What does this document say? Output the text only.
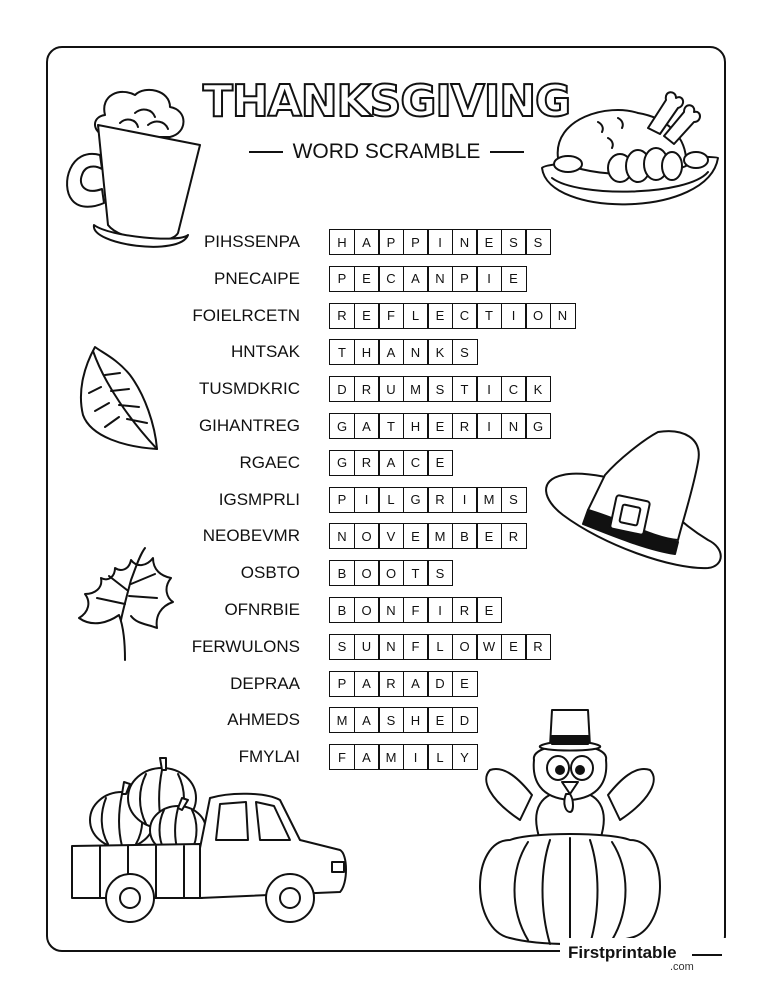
THANKSGIVING
WORD SCRAMBLE
PIHSSENPA	H	A	P	P	I	N	E	S	S
PNECAIPE	P	E	C	A	N	P	I	E
FOIELRCETN	R	E	F	L	E	C	T	I	O	N
HNTSAK	T	H	A	N	K	S
TUSMDKRIC	D	R	U	M	S	T	I	C	K
GIHANTREG	G	A	T	H	E	R	I	N	G
RGAEC	G	R	A	C	E
IGSMPRLI	P	I	L	G	R	I	M	S
NEOBEVMR	N	O	V	E	M	B	E	R
OSBTO	B	O	O	T	S
OFNRBIE	B	O	N	F	I	R	E
FERWULONS	S	U	N	F	L	O	W	E	R
DEPRAA	P	A	R	A	D	E
AHMEDS	M	A	S	H	E	D
FMYLAI	F	A	M	I	L	Y
Firstprintable
.com
